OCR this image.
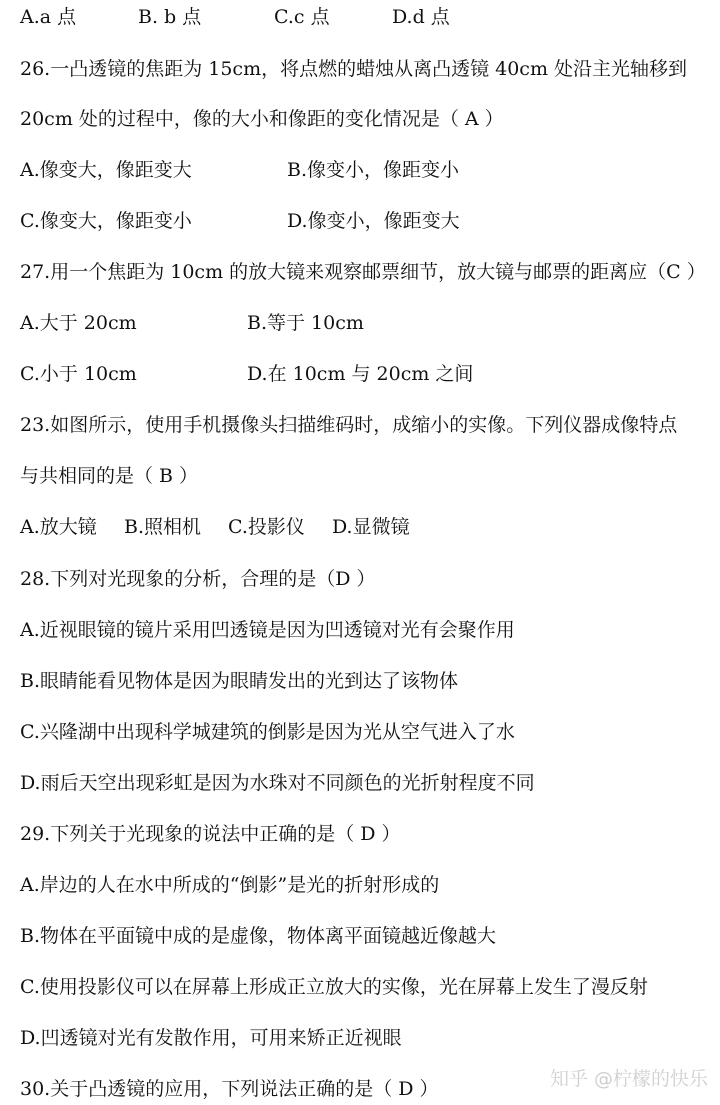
A.a 点	B. b 点	C.c 点	D.d 点
26.一凸透镜的焦距为 15cm，将点燃的蜡烛从离凸透镜 40cm 处沿主光轴移到
20cm 处的过程中，像的大小和像距的变化情况是（ A ）
A.像变大，像距变大	B.像变小，像距变小
C.像变大，像距变小	D.像变小，像距变大
27.用一个焦距为 10cm 的放大镜来观察邮票细节，放大镜与邮票的距离应（C ）
A.大于 20cm	B.等于 10cm
C.小于 10cm	D.在 10cm 与 20cm 之间
23.如图所示，使用手机摄像头扫描维码时，成缩小的实像。下列仪器成像特点
与共相同的是（ B ）
A.放大镜	B.照相机	C.投影仪	D.显微镜
28.下列对光现象的分析，合理的是（D ）
A.近视眼镜的镜片采用凹透镜是因为凹透镜对光有会聚作用
B.眼睛能看见物体是因为眼睛发出的光到达了该物体
C.兴隆湖中出现科学城建筑的倒影是因为光从空气进入了水
D.雨后天空出现彩虹是因为水珠对不同颜色的光折射程度不同
29.下列关于光现象的说法中正确的是（ D ）
A.岸边的人在水中所成的“倒影”是光的折射形成的
B.物体在平面镜中成的是虚像，物体离平面镜越近像越大
C.使用投影仪可以在屏幕上形成正立放大的实像，光在屏幕上发生了漫反射
D.凹透镜对光有发散作用，可用来矫正近视眼
30.关于凸透镜的应用，下列说法正确的是（ D ）	知乎 @柠檬的快乐
